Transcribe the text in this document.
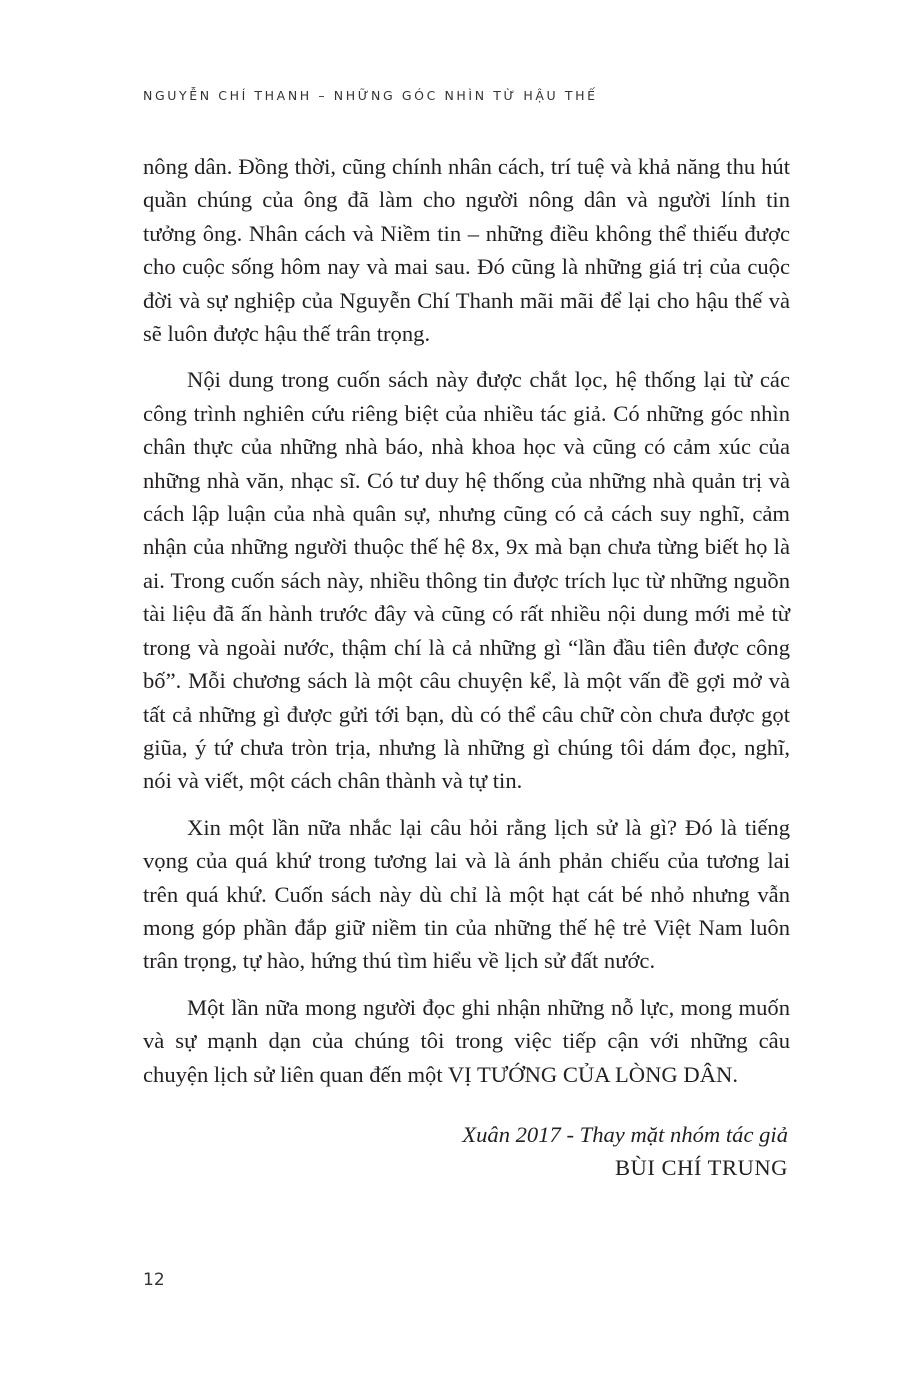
NGUYỄN CHÍ THANH – NHỮNG GÓC NHÌN TỪ HẬU THẾ

nông dân. Đồng thời, cũng chính nhân cách, trí tuệ và khả năng thu hút quần chúng của ông đã làm cho người nông dân và người lính tin tưởng ông. Nhân cách và Niềm tin – những điều không thể thiếu được cho cuộc sống hôm nay và mai sau. Đó cũng là những giá trị của cuộc đời và sự nghiệp của Nguyễn Chí Thanh mãi mãi để lại cho hậu thế và sẽ luôn được hậu thế trân trọng.

Nội dung trong cuốn sách này được chắt lọc, hệ thống lại từ các công trình nghiên cứu riêng biệt của nhiều tác giả. Có những góc nhìn chân thực của những nhà báo, nhà khoa học và cũng có cảm xúc của những nhà văn, nhạc sĩ. Có tư duy hệ thống của những nhà quản trị và cách lập luận của nhà quân sự, nhưng cũng có cả cách suy nghĩ, cảm nhận của những người thuộc thế hệ 8x, 9x mà bạn chưa từng biết họ là ai. Trong cuốn sách này, nhiều thông tin được trích lục từ những nguồn tài liệu đã ấn hành trước đây và cũng có rất nhiều nội dung mới mẻ từ trong và ngoài nước, thậm chí là cả những gì “lần đầu tiên được công bố”. Mỗi chương sách là một câu chuyện kể, là một vấn đề gợi mở và tất cả những gì được gửi tới bạn, dù có thể câu chữ còn chưa được gọt giũa, ý tứ chưa tròn trịa, nhưng là những gì chúng tôi dám đọc, nghĩ, nói và viết, một cách chân thành và tự tin.

Xin một lần nữa nhắc lại câu hỏi rằng lịch sử là gì? Đó là tiếng vọng của quá khứ trong tương lai và là ánh phản chiếu của tương lai trên quá khứ. Cuốn sách này dù chỉ là một hạt cát bé nhỏ nhưng vẫn mong góp phần đắp giữ niềm tin của những thế hệ trẻ Việt Nam luôn trân trọng, tự hào, hứng thú tìm hiểu về lịch sử đất nước.

Một lần nữa mong người đọc ghi nhận những nỗ lực, mong muốn và sự mạnh dạn của chúng tôi trong việc tiếp cận với những câu chuyện lịch sử liên quan đến một VỊ TƯỚNG CỦA LÒNG DÂN.

Xuân 2017 - Thay mặt nhóm tác giả
BÙI CHÍ TRUNG
12
